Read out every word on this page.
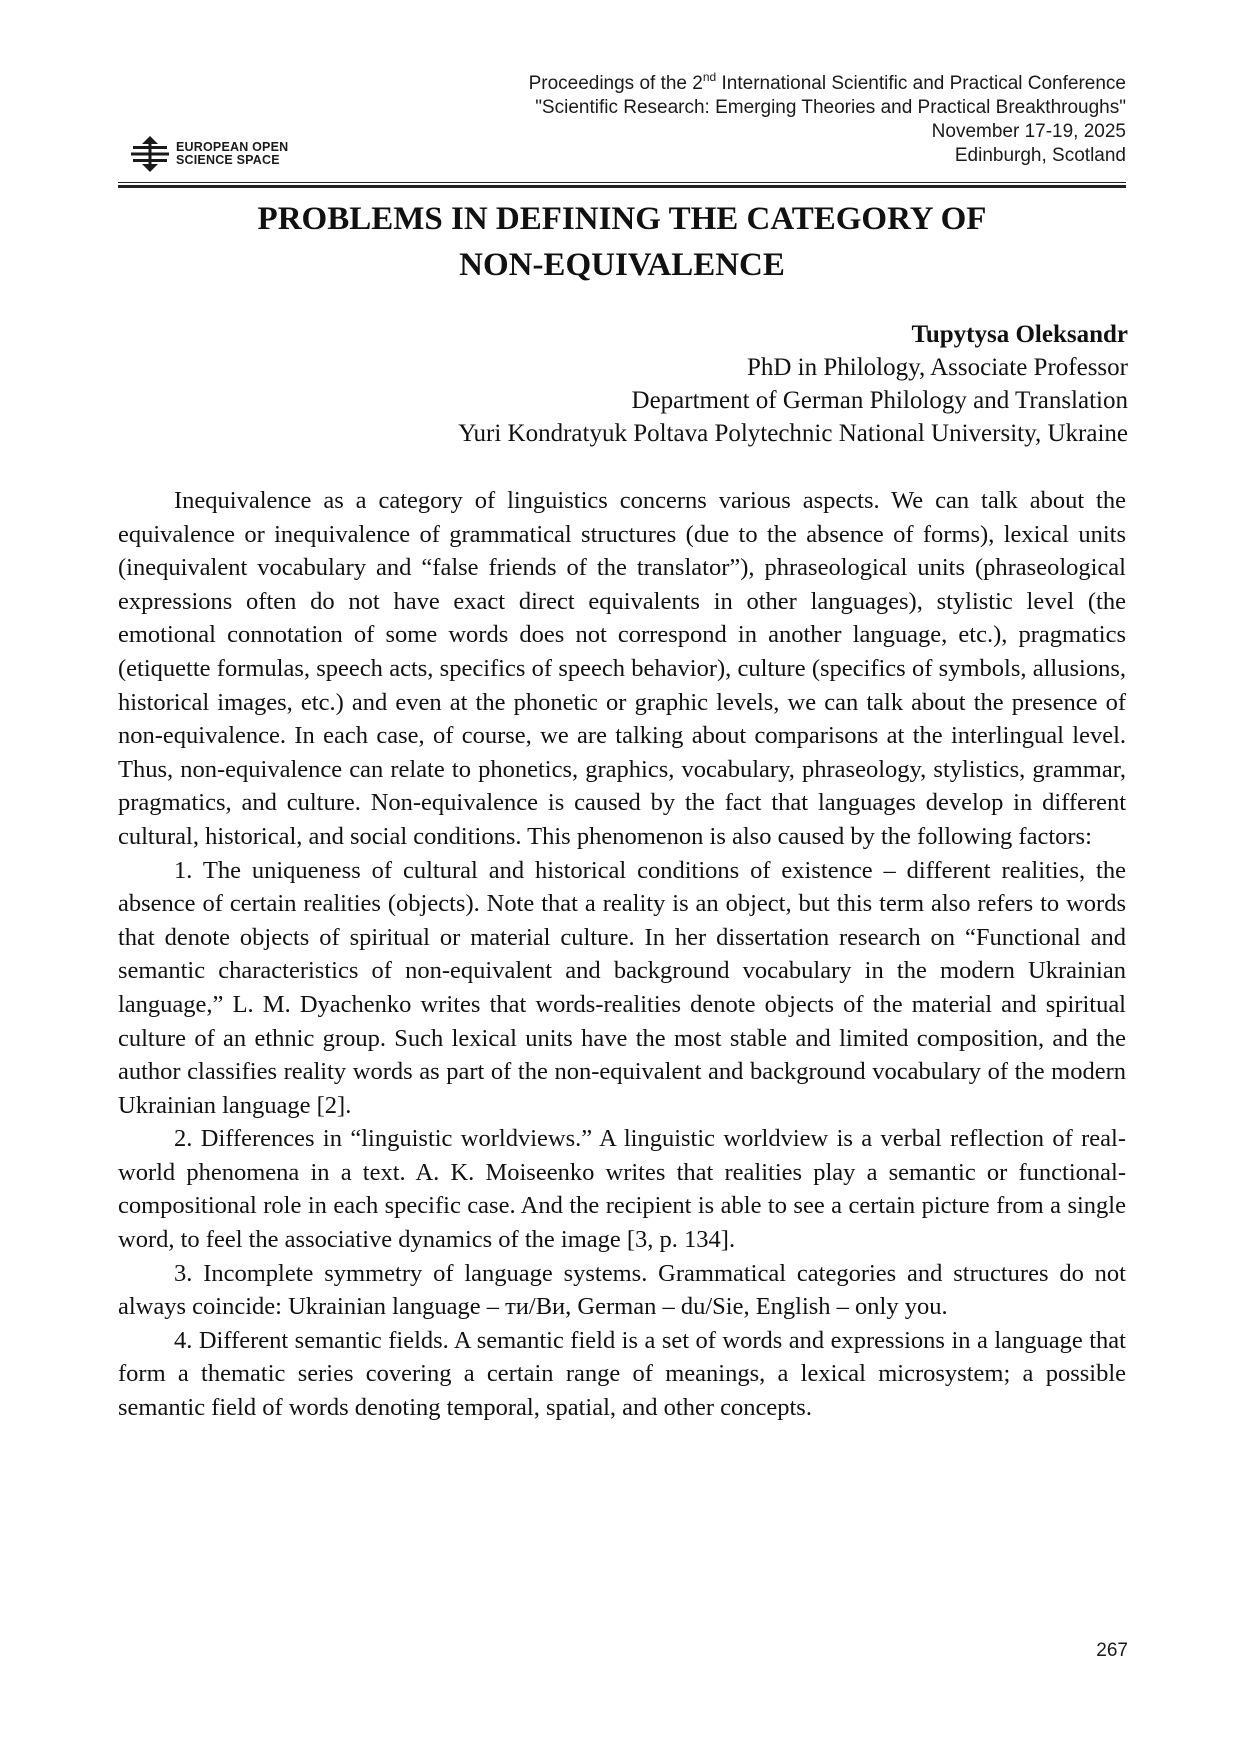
EUROPEAN OPEN
SCIENCE SPACE
Proceedings of the 2nd International Scientific and Practical Conference
"Scientific Research: Emerging Theories and Practical Breakthroughs"
November 17-19, 2025
Edinburgh, Scotland
PROBLEMS IN DEFINING THE CATEGORY OF
NON-EQUIVALENCE
Tupytysa Oleksandr
PhD in Philology, Associate Professor
Department of German Philology and Translation
Yuri Kondratyuk Poltava Polytechnic National University, Ukraine

Inequivalence as a category of linguistics concerns various aspects. We can talk about the equivalence or inequivalence of grammatical structures (due to the absence of forms), lexical units (inequivalent vocabulary and “false friends of the translator”), phraseological units (phraseological expressions often do not have exact direct equivalents in other languages), stylistic level (the emotional connotation of some words does not correspond in another language, etc.), pragmatics (etiquette formulas, speech acts, specifics of speech behavior), culture (specifics of symbols, allusions, historical images, etc.) and even at the phonetic or graphic levels, we can talk about the presence of non-equivalence. In each case, of course, we are talking about comparisons at the interlingual level. Thus, non-equivalence can relate to phonetics, graphics, vocabulary, phraseology, stylistics, grammar, pragmatics, and culture. Non-equivalence is caused by the fact that languages develop in different cultural, historical, and social conditions. This phenomenon is also caused by the following factors:

1. The uniqueness of cultural and historical conditions of existence – different realities, the absence of certain realities (objects). Note that a reality is an object, but this term also refers to words that denote objects of spiritual or material culture. In her dissertation research on “Functional and semantic characteristics of non-equivalent and background vocabulary in the modern Ukrainian language,” L. M. Dyachenko writes that words-realities denote objects of the material and spiritual culture of an ethnic group. Such lexical units have the most stable and limited composition, and the author classifies reality words as part of the non-equivalent and background vocabulary of the modern Ukrainian language [2].

2. Differences in “linguistic worldviews.” A linguistic worldview is a verbal reflection of real-world phenomena in a text. A. K. Moiseenko writes that realities play a semantic or functional-compositional role in each specific case. And the recipient is able to see a certain picture from a single word, to feel the associative dynamics of the image [3, p. 134].

3. Incomplete symmetry of language systems. Grammatical categories and structures do not always coincide: Ukrainian language – ти/Ви, German – du/Sie, English – only you.

4. Different semantic fields. A semantic field is a set of words and expressions in a language that form a thematic series covering a certain range of meanings, a lexical microsystem; a possible semantic field of words denoting temporal, spatial, and other concepts.

267
